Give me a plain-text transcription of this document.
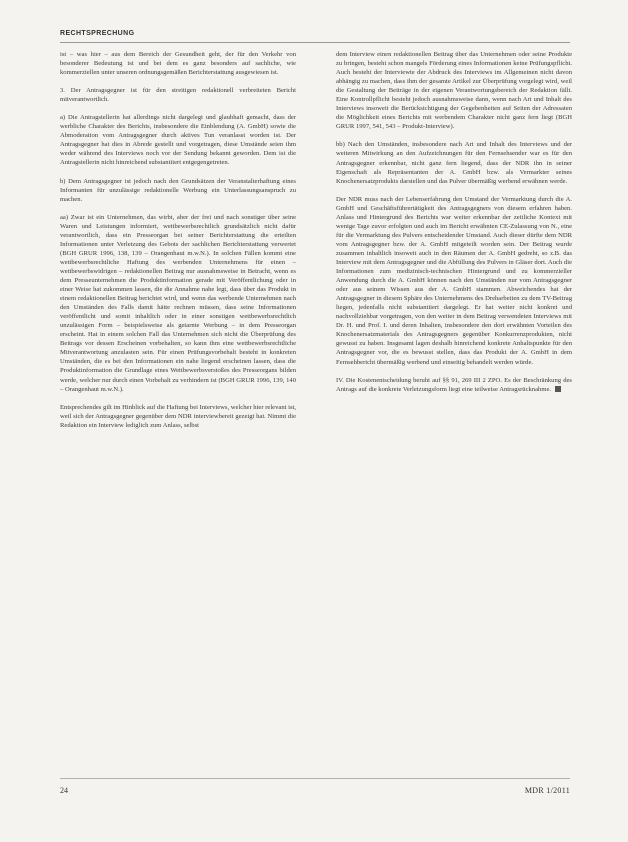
RECHTSPRECHUNG

ist – was hier – aus dem Bereich der Gesundheit geht, der für den Verkehr von besonderer Bedeutung ist und bei dem es ganz besonders auf sachliche, wie kommerziellen unter unseren ordnungsgemäßen Berichterstattung ausgewiesen ist.

3. Der Antragsgegner ist für den streitigen redaktionell verbreiteten Bericht mitverantwortlich.

a) Die Antragstellerin hat allerdings nicht dargelegt und glaubhaft gemacht, dass der werbliche Charakter des Berichts, insbesondere die Einblendung (A. GmbH) sowie die Abmoderation vom Antragsgegner durch aktives Tun veranlasst worden ist. Der Antragsgegner hat dies in Abrede gestellt und vorgetragen, diese Umstände seien ihm weder während des Interviews noch vor der Sendung bekannt geworden. Dem ist die Antragstellerin nicht hinreichend substantiiert entgegengetreten.

b) Dem Antragsgegner ist jedoch nach den Grundsätzen der Veranstalterhaftung eines Informanten für unzulässige redaktionelle Werbung ein Unterlassungsanspruch zu machen.

aa) Zwar ist ein Unternehmen, das wirbt, aber der frei und nach sonstiger über seine Waren und Leistungen informiert, wettbewerbsrechtlich grundsätzlich nicht dafür verantwortlich, dass ein Presseorgan bei seiner Berichterstattung die erteilten Informationen unter Verletzung des Gebots der sachlichen Berichterstattung verwertet (BGH GRUR 1996, 138, 139 – Orangenhaut m.w.N.). In solchen Fällen kommt eine wettbewerbsrechtliche Haftung des werbenden Unternehmens für einen – wettbewerbswidrigen – redaktionellen Beitrag nur ausnahmsweise in Betracht, wenn es dem Presseunternehmen die Produktinformation gerade mit Veröffentlichung oder in einer Weise hat zukommen lassen, die die Annahme nahe legt, dass über das Produkt in einem redaktionellen Beitrag berichtet wird, und wenn das werbende Unternehmen nach den Umständen des Falls damit hätte rechnen müssen, dass seine Informationen veröffentlicht und somit inhaltlich oder in einer sonstigen wettbewerbsrechtlich unzulässigen Form – beispielsweise als getarnte Werbung – in dem Presseorgan erscheint. Hat in einem solchen Fall das Unternehmen sich nicht die Überprüfung des Beitrags vor dessen Erscheinen vorbehalten, so kann ihm eine wettbewerbsrechtliche Mitverantwortung anzulasten sein. Für einen Prüfungsvorbehalt besteht in konkreten Umständen, die es bei den Informationen ein nahe liegend erscheinen lassen, dass die Produktinformation die Grundlage eines Wettbewerbsverstoßes des Presseorgans bilden werde, welcher nur durch einen Vorbehalt zu verhindern ist (BGH GRUR 1996, 139, 140 – Orangenhaut m.w.N.).

Entsprechendes gilt im Hinblick auf die Haftung bei Interviews, welcher hier relevant ist, weil sich der Antragsgegner gegenüber dem NDR interviewbereit gezeigt hat. Nimmt die Redaktion ein Interview lediglich zum Anlass, selbst

dem Interview einen redaktionellen Beitrag über das Unternehmen oder seine Produkte zu bringen, besteht schon mangels Förderung eines Informationen keine Prüfungspflicht. Auch besteht der Interviewte der Abdruck des Interviews im Allgemeinen nicht davon abhängig zu machen, dass ihm der gesamte Artikel zur Überprüfung vorgelegt wird, weil die Gestaltung der Beiträge in der eigenen Verantwortungsbereich der Redaktion fällt. Eine Kontrollpflicht besteht jedoch ausnahmsweise dann, wenn nach Art und Inhalt des Interviews insoweit die Berücksichtigung der Gegebenheiten auf Seiten der Adressaten die Möglichkeit eines Berichts mit werbendem Charakter nicht ganz fern liegt (BGH GRUR 1997, 541, 543 – Produkt-Interview).

bb) Nach den Umständen, insbesondere nach Art und Inhalt des Interviews und der weiteren Mitwirkung an den Aufzeichnungen für den Fernsehsender war es für den Antragsgegner erkennbar, nicht ganz fern liegend, dass der NDR ihn in seiner Eigenschaft als Repräsentanten der A. GmbH bzw. als Vermarkter seines Knochenersatzprodukts darstellen und das Pulver übermäßig werbend erwähnen werde.

Der NDR muss nach der Lebenserfahrung den Umstand der Vermarktung durch die A. GmbH und Geschäftsführertätigkeit des Antragsgegners von diesem erfahren haben. Anlass und Hintergrund des Berichts war weiter erkennbar der zeitliche Kontext mit wenige Tage zuvor erfolgten und auch im Bericht erwähnten CE-Zulassung von N., eine für die Vermarktung des Pulvers entscheidender Umstand. Auch dieser dürfte dem NDR vom Antragsgegner bzw. der A. GmbH mitgeteilt worden sein. Der Beitrag wurde zusammen inhaltlich insoweit auch in den Räumen der A. GmbH gedreht, so z.B. das Interview mit dem Antragsgegner und die Abfüllung des Pulvers in Gläser dort. Auch die Informationen zum medizinisch-technischen Hintergrund und zu kommerzieller Anwendung durch die A. GmbH können nach den Umständen nur vom Antragsgegner oder aus seinem Wissen aus der A. GmbH stammen. Abweichendes hat der Antragsgegner in diesem Sphäre des Unternehmens des Dreharbeiten zu dem TV-Beitrag liegen, jedenfalls nicht substantiiert dargelegt. Er hat weiter nicht konkret und nachvollziehbar vorgetragen, von den weiter in dem Beitrag verwendeten Interviews mit Dr. H. und Prof. I. und deren Inhalten, insbesondere den dort erwähnten Vorteilen des Knochenersatzmaterials des Antragsgegners gegenüber Konkurrenzprodukten, nicht gewusst zu haben. Insgesamt lagen deshalb hinreichend konkrete Anhaltspunkte für den Antragsgegner vor, die es bewusst stellen, dass das Produkt der A. GmbH in dem Fernsehbericht übermäßig werbend und einseitig behandelt werden würde.

IV. Die Kostenentscheidung beruht auf §§ 91, 269 III 2 ZPO. Es der Beschränkung des Antrags auf die konkrete Verletzungsform liegt eine teilweise Antragsrücknahme.

24	MDR 1/2011
